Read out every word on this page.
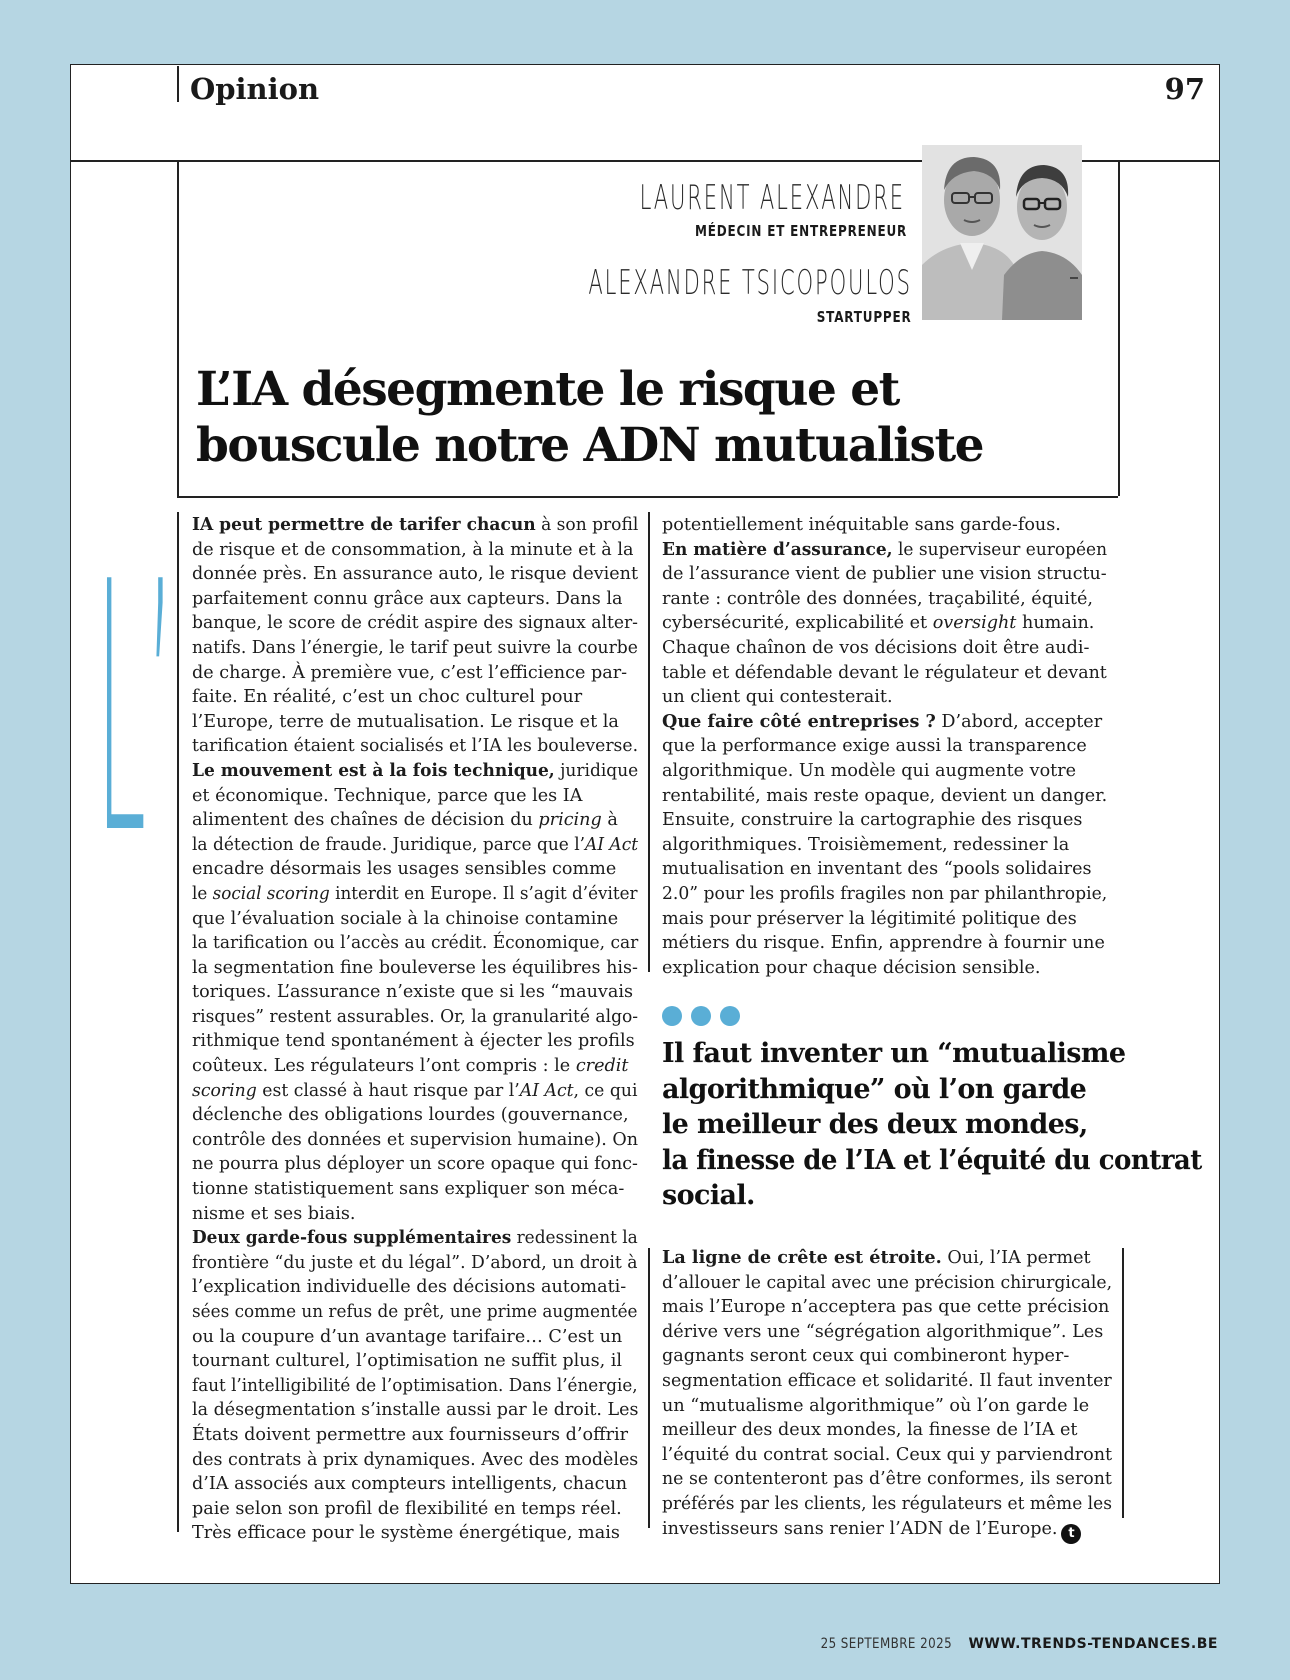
Opinion	97
LAURENT ALEXANDRE
MÉDECIN ET ENTREPRENEUR
ALEXANDRE TSICOPOULOS
STARTUPPER
L’IA désegmente le risque et
bouscule notre ADN mutualiste
L’ IA peut permettre de tarifer chacun à son profil
de risque et de consommation, à la minute et à la
donnée près. En assurance auto, le risque devient
parfaitement connu grâce aux capteurs. Dans la
banque, le score de crédit aspire des signaux alter-
natifs. Dans l’énergie, le tarif peut suivre la courbe
de charge. À première vue, c’est l’efficience par-
faite. En réalité, c’est un choc culturel pour
l’Europe, terre de mutualisation. Le risque et la
tarification étaient socialisés et l’IA les bouleverse.
Le mouvement est à la fois technique, juridique
et économique. Technique, parce que les IA
alimentent des chaînes de décision du pricing à
la détection de fraude. Juridique, parce que l’AI Act
encadre désormais les usages sensibles comme
le social scoring interdit en Europe. Il s’agit d’éviter
que l’évaluation sociale à la chinoise contamine
la tarification ou l’accès au crédit. Économique, car
la segmentation fine bouleverse les équilibres his-
toriques. L’assurance n’existe que si les “mauvais
risques” restent assurables. Or, la granularité algo-
rithmique tend spontanément à éjecter les profils
coûteux. Les régulateurs l’ont compris : le credit
scoring est classé à haut risque par l’AI Act, ce qui
déclenche des obligations lourdes (gouvernance,
contrôle des données et supervision humaine). On
ne pourra plus déployer un score opaque qui fonc-
tionne statistiquement sans expliquer son méca-
nisme et ses biais.
Deux garde-fous supplémentaires redessinent la
frontière “du juste et du légal”. D’abord, un droit à
l’explication individuelle des décisions automati-
sées comme un refus de prêt, une prime augmentée
ou la coupure d’un avantage tarifaire… C’est un
tournant culturel, l’optimisation ne suffit plus, il
faut l’intelligibilité de l’optimisation. Dans l’énergie,
la désegmentation s’installe aussi par le droit. Les
États doivent permettre aux fournisseurs d’offrir
des contrats à prix dynamiques. Avec des modèles
d’IA associés aux compteurs intelligents, chacun
paie selon son profil de flexibilité en temps réel.
Très efficace pour le système énergétique, mais
potentiellement inéquitable sans garde-fous.
En matière d’assurance, le superviseur européen
de l’assurance vient de publier une vision structu-
rante : contrôle des données, traçabilité, équité,
cybersécurité, explicabilité et oversight humain.
Chaque chaînon de vos décisions doit être audi-
table et défendable devant le régulateur et devant
un client qui contesterait.
Que faire côté entreprises ? D’abord, accepter
que la performance exige aussi la transparence
algorithmique. Un modèle qui augmente votre
rentabilité, mais reste opaque, devient un danger.
Ensuite, construire la cartographie des risques
algorithmiques. Troisièmement, redessiner la
mutualisation en inventant des “pools solidaires
2.0” pour les profils fragiles non par philanthropie,
mais pour préserver la légitimité politique des
métiers du risque. Enfin, apprendre à fournir une
explication pour chaque décision sensible.
Il faut inventer un “mutualisme
algorithmique” où l’on garde
le meilleur des deux mondes,
la finesse de l’IA et l’équité du contrat
social.
La ligne de crête est étroite. Oui, l’IA permet
d’allouer le capital avec une précision chirurgicale,
mais l’Europe n’acceptera pas que cette précision
dérive vers une “ségrégation algorithmique”. Les
gagnants seront ceux qui combineront hyper-
segmentation efficace et solidarité. Il faut inventer
un “mutualisme algorithmique” où l’on garde le
meilleur des deux mondes, la finesse de l’IA et
l’équité du contrat social. Ceux qui y parviendront
ne se contenteront pas d’être conformes, ils seront
préférés par les clients, les régulateurs et même les
investisseurs sans renier l’ADN de l’Europe. t
25 SEPTEMBRE 2025 WWW.TRENDS-TENDANCES.BE
